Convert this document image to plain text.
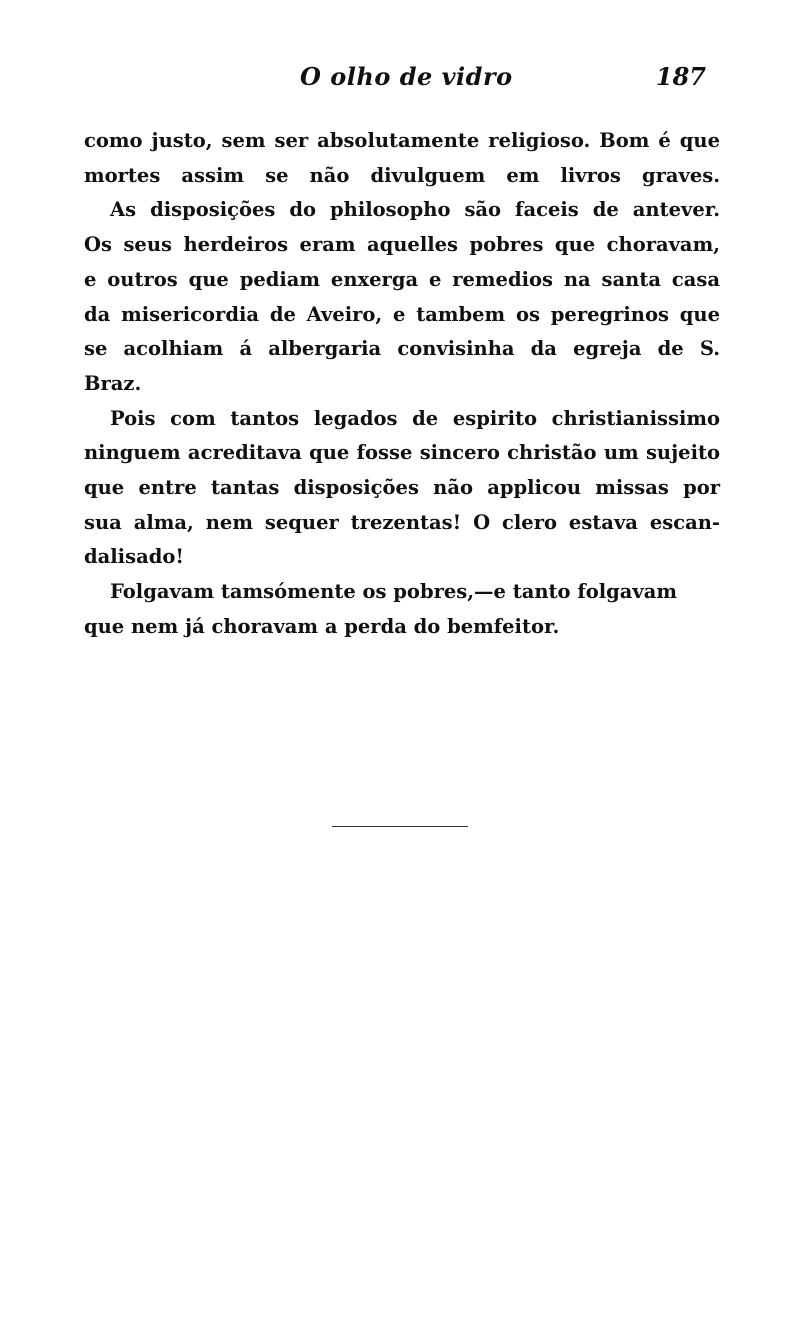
O olho de vidro	187

como justo, sem ser absolutamente religioso. Bom é que
mortes assim se não divulguem em livros graves.

As disposições do philosopho são faceis de antever.
Os seus herdeiros eram aquelles pobres que choravam,
e outros que pediam enxerga e remedios na santa casa
da misericordia de Aveiro, e tambem os peregrinos que
se acolhiam á albergaria convisinha da egreja de S.
Braz.

Pois com tantos legados de espirito christianissimo
ninguem acreditava que fosse sincero christão um sujeito
que entre tantas disposições não applicou missas por
sua alma, nem sequer trezentas! O clero estava escan-
dalisado!

Folgavam tamsómente os pobres,—e tanto folgavam
que nem já choravam a perda do bemfeitor.
